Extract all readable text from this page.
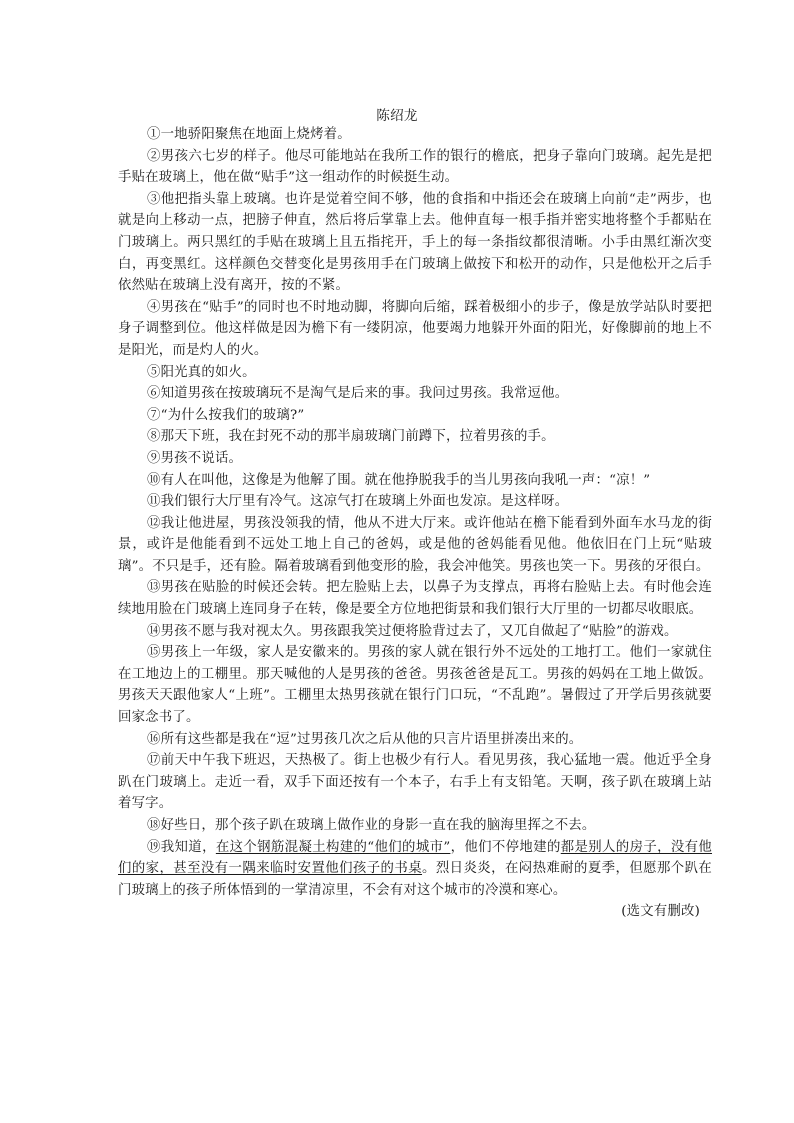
陈绍龙

①一地骄阳聚焦在地面上烧烤着。

②男孩六七岁的样子。他尽可能地站在我所工作的银行的檐底，把身子靠向门玻璃。起先是把手贴在玻璃上，他在做“贴手”这一组动作的时候挺生动。

③他把指头靠上玻璃。也许是觉着空间不够，他的食指和中指还会在玻璃上向前“走”两步，也就是向上移动一点，把膀子伸直，然后将后掌靠上去。他伸直每一根手指并密实地将整个手都贴在门玻璃上。两只黑红的手贴在玻璃上且五指挓开，手上的每一条指纹都很清晰。小手由黑红渐次变白，再变黑红。这样颜色交替变化是男孩用手在门玻璃上做按下和松开的动作，只是他松开之后手依然贴在玻璃上没有离开，按的不紧。

④男孩在“贴手”的同时也不时地动脚，将脚向后缩，踩着极细小的步子，像是放学站队时要把身子调整到位。他这样做是因为檐下有一缕阴凉，他要竭力地躲开外面的阳光，好像脚前的地上不是阳光，而是灼人的火。

⑤阳光真的如火。

⑥知道男孩在按玻璃玩不是淘气是后来的事。我问过男孩。我常逗他。

⑦“为什么按我们的玻璃?”

⑧那天下班，我在封死不动的那半扇玻璃门前蹲下，拉着男孩的手。

⑨男孩不说话。

⑩有人在叫他，这像是为他解了围。就在他挣脱我手的当儿男孩向我吼一声：“凉！”

⑪我们银行大厅里有冷气。这凉气打在玻璃上外面也发凉。是这样呀。

⑫我让他进屋，男孩没领我的情，他从不进大厅来。或许他站在檐下能看到外面车水马龙的街景，或许是他能看到不远处工地上自己的爸妈，或是他的爸妈能看见他。他依旧在门上玩“贴玻璃”。不只是手，还有脸。隔着玻璃看到他变形的脸，我会冲他笑。男孩也笑一下。男孩的牙很白。

⑬男孩在贴脸的时候还会转。把左脸贴上去，以鼻子为支撑点，再将右脸贴上去。有时他会连续地用脸在门玻璃上连同身子在转，像是要全方位地把街景和我们银行大厅里的一切都尽收眼底。

⑭男孩不愿与我对视太久。男孩跟我笑过便将脸背过去了，又兀自做起了“贴脸”的游戏。

⑮男孩上一年级，家人是安徽来的。男孩的家人就在银行外不远处的工地打工。他们一家就住在工地边上的工棚里。那天喊他的人是男孩的爸爸。男孩爸爸是瓦工。男孩的妈妈在工地上做饭。男孩天天跟他家人“上班”。工棚里太热男孩就在银行门口玩，“不乱跑”。暑假过了开学后男孩就要回家念书了。

⑯所有这些都是我在“逗”过男孩几次之后从他的只言片语里拼凑出来的。

⑰前天中午我下班迟，天热极了。街上也极少有行人。看见男孩，我心猛地一震。他近乎全身趴在门玻璃上。走近一看，双手下面还按有一个本子，右手上有支铅笔。天啊，孩子趴在玻璃上站着写字。

⑱好些日，那个孩子趴在玻璃上做作业的身影一直在我的脑海里挥之不去。

⑲我知道，在这个钢筋混凝土构建的“他们的城市”，他们不停地建的都是别人的房子，没有他们的家，甚至没有一隅来临时安置他们孩子的书桌。烈日炎炎，在闷热难耐的夏季，但愿那个趴在门玻璃上的孩子所体悟到的一掌清凉里，不会有对这个城市的冷漠和寒心。

(选文有删改)
